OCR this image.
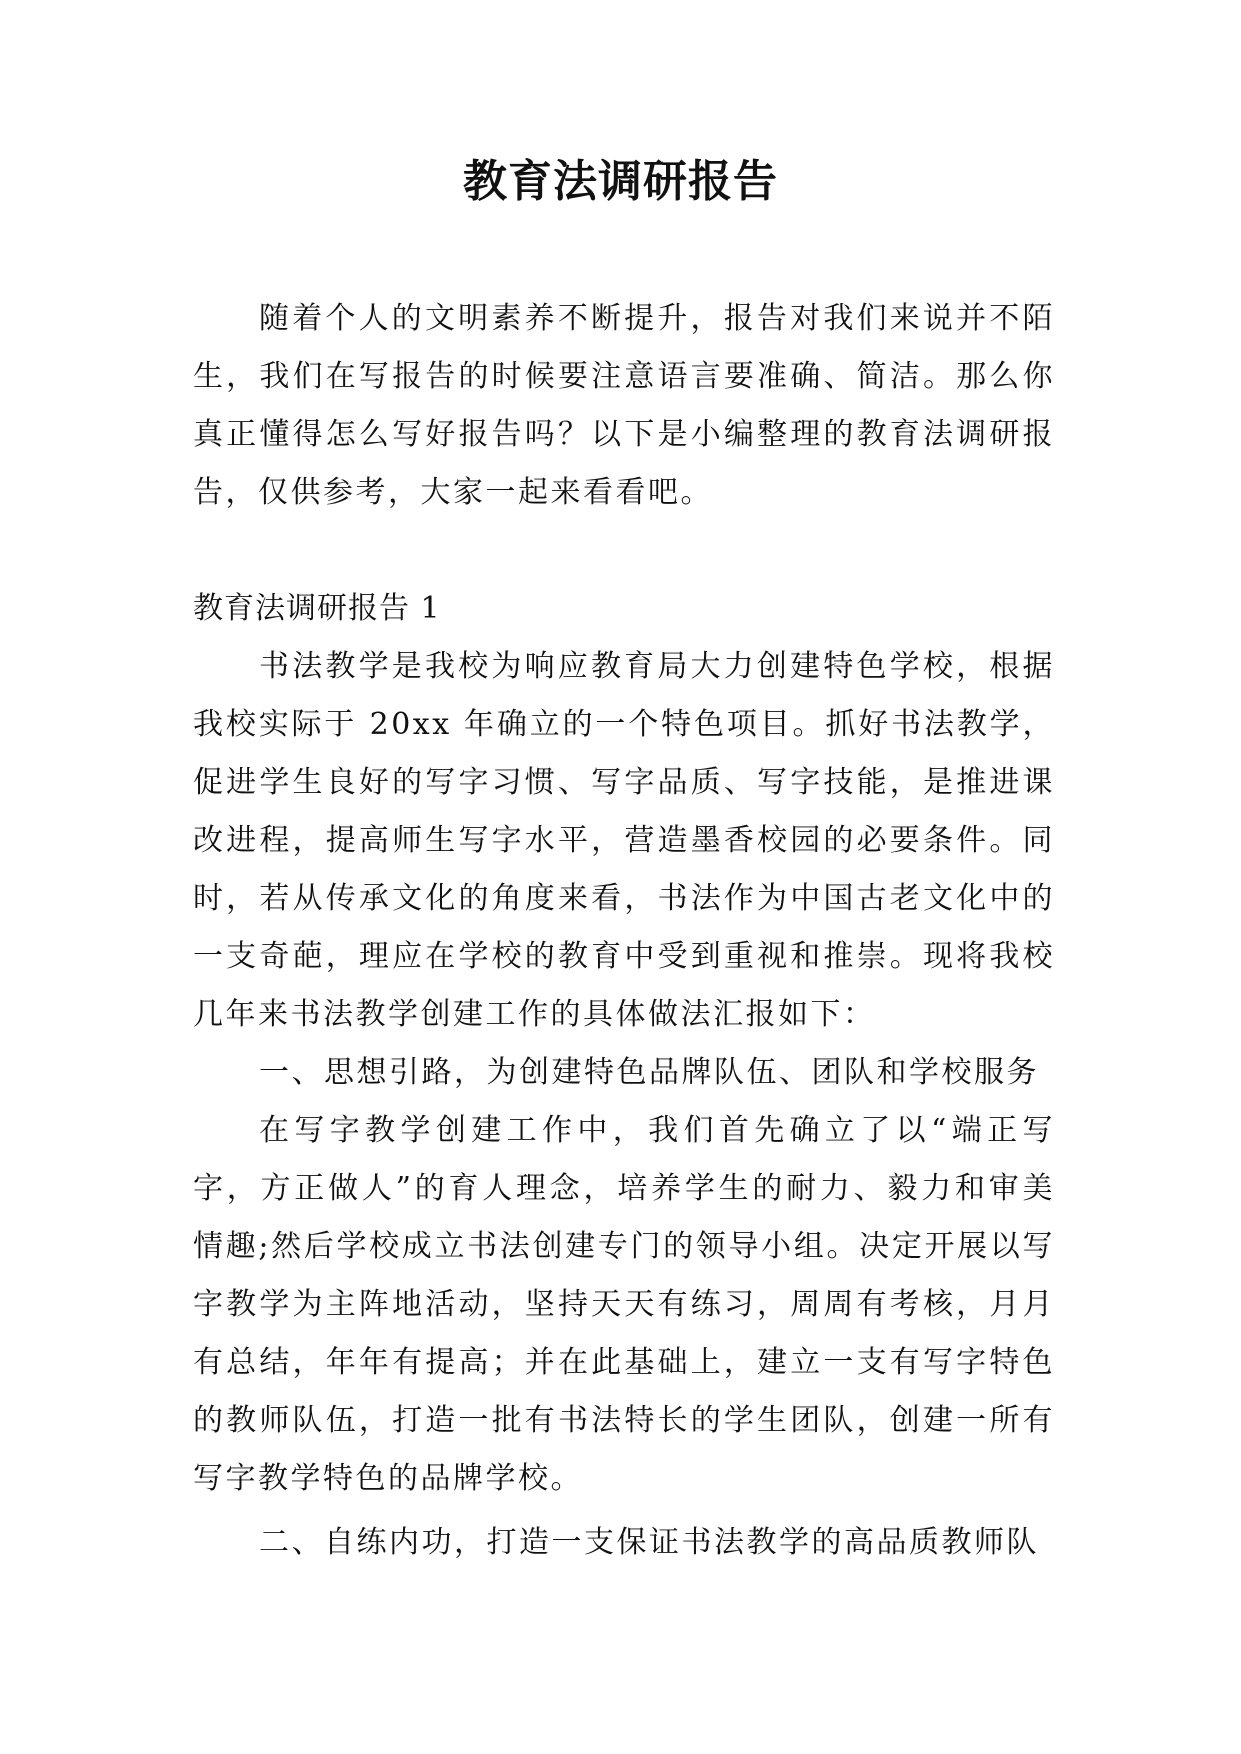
教育法调研报告

随着个人的文明素养不断提升，报告对我们来说并不陌生，我们在写报告的时候要注意语言要准确、简洁。那么你真正懂得怎么写好报告吗？以下是小编整理的教育法调研报告，仅供参考，大家一起来看看吧。

教育法调研报告 1

书法教学是我校为响应教育局大力创建特色学校，根据我校实际于 20xx 年确立的一个特色项目。抓好书法教学，促进学生良好的写字习惯、写字品质、写字技能，是推进课改进程，提高师生写字水平，营造墨香校园的必要条件。同时，若从传承文化的角度来看，书法作为中国古老文化中的一支奇葩，理应在学校的教育中受到重视和推崇。现将我校几年来书法教学创建工作的具体做法汇报如下：

一、思想引路，为创建特色品牌队伍、团队和学校服务

在写字教学创建工作中，我们首先确立了以“端正写字，方正做人”的育人理念，培养学生的耐力、毅力和审美情趣;然后学校成立书法创建专门的领导小组。决定开展以写字教学为主阵地活动，坚持天天有练习，周周有考核，月月有总结，年年有提高；并在此基础上，建立一支有写字特色的教师队伍，打造一批有书法特长的学生团队，创建一所有写字教学特色的品牌学校。

二、自练内功，打造一支保证书法教学的高品质教师队
